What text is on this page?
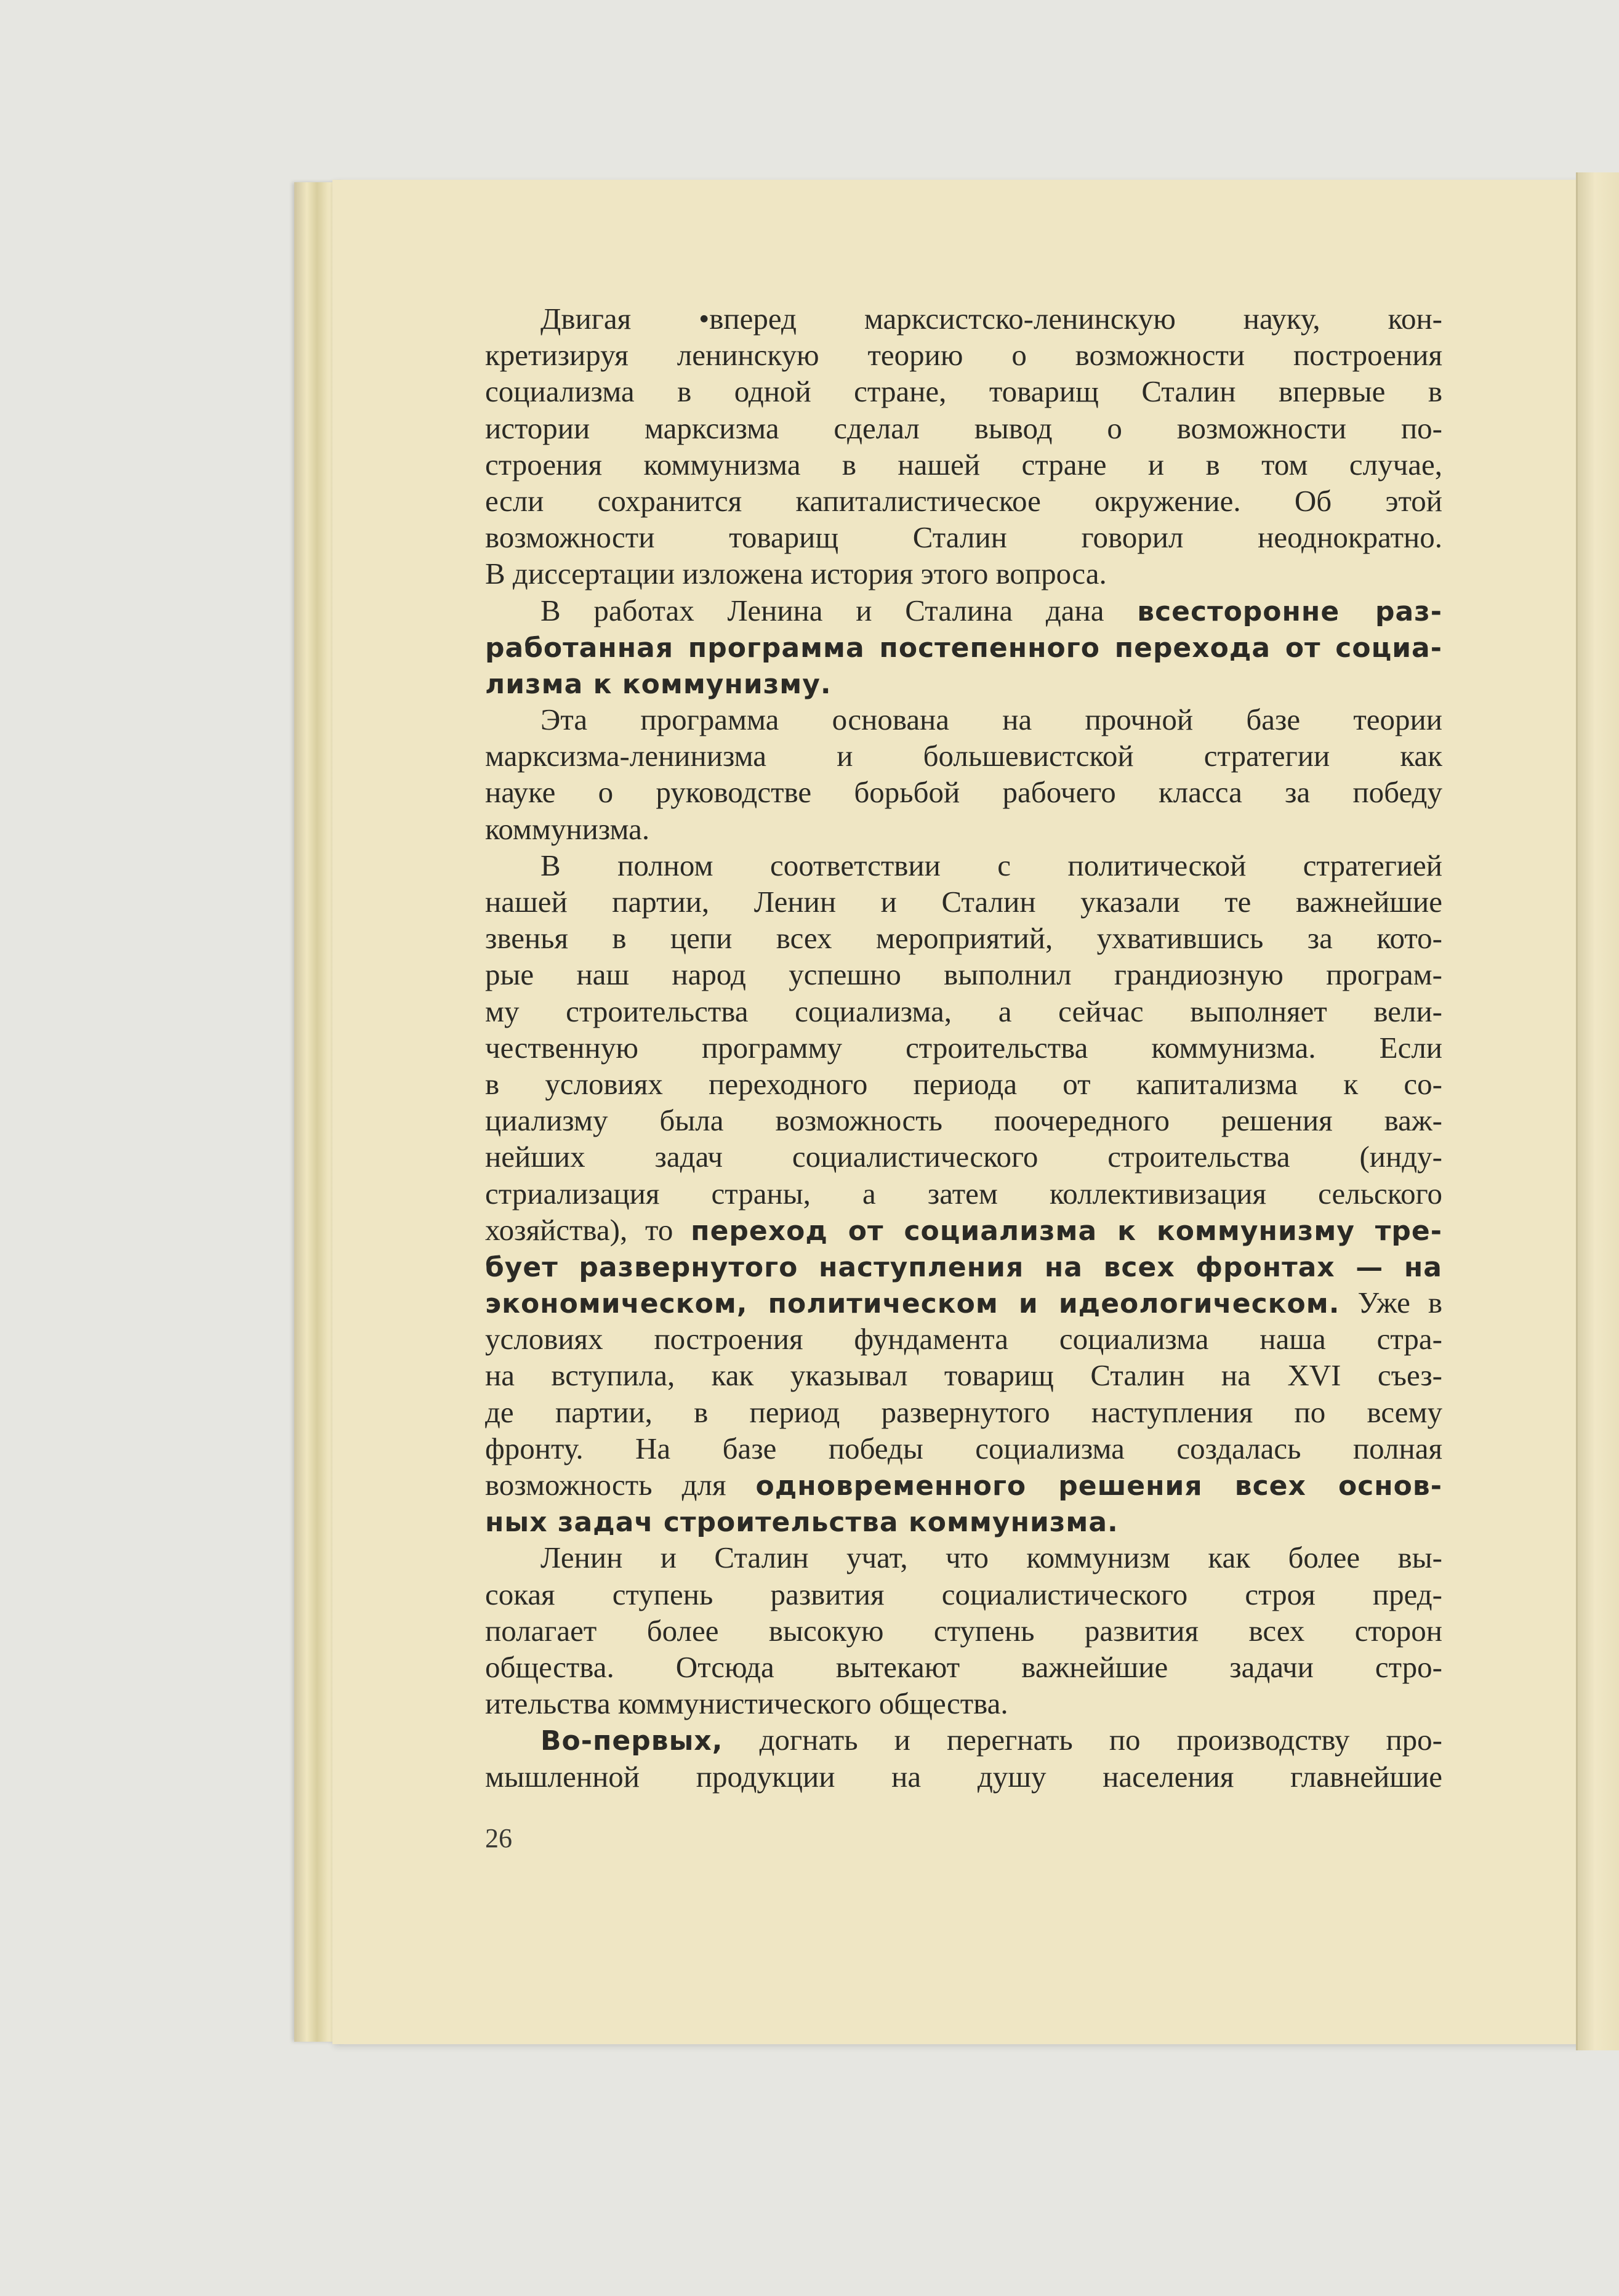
Двигая •вперед марксистско-ленинскую науку, кон-
кретизируя ленинскую теорию о возможности построения
социализма в одной стране, товарищ Сталин впервые в
истории марксизма сделал вывод о возможности по-
строения коммунизма в нашей стране и в том случае,
если сохранится капиталистическое окружение. Об этой
возможности товарищ Сталин говорил неоднократно.
В диссертации изложена история этого вопроса.
В работах Ленина и Сталина дана всесторонне раз-
работанная программа постепенного перехода от социа-
лизма к коммунизму.
Эта программа основана на прочной базе теории
марксизма-ленинизма и большевистской стратегии как
науке о руководстве борьбой рабочего класса за победу
коммунизма.
В полном соответствии с политической стратегией
нашей партии, Ленин и Сталин указали те важнейшие
звенья в цепи всех мероприятий, ухватившись за кото-
рые наш народ успешно выполнил грандиозную програм-
му строительства социализма, а сейчас выполняет вели-
чественную программу строительства коммунизма. Если
в условиях переходного периода от капитализма к со-
циализму была возможность поочередного решения важ-
нейших задач социалистического строительства (инду-
стриализация страны, а затем коллективизация сельского
хозяйства), то переход от социализма к коммунизму тре-
бует развернутого наступления на всех фронтах — на
экономическом, политическом и идеологическом. Уже в
условиях построения фундамента социализма наша стра-
на вступила, как указывал товарищ Сталин на XVI съез-
де партии, в период развернутого наступления по всему
фронту. На базе победы социализма создалась полная
возможность для одновременного решения всех основ-
ных задач строительства коммунизма.
Ленин и Сталин учат, что коммунизм как более вы-
сокая ступень развития социалистического строя пред-
полагает более высокую ступень развития всех сторон
общества. Отсюда вытекают важнейшие задачи стро-
ительства коммунистического общества.
Во-первых, догнать и перегнать по производству про-
мышленной продукции на душу населения главнейшие
26
